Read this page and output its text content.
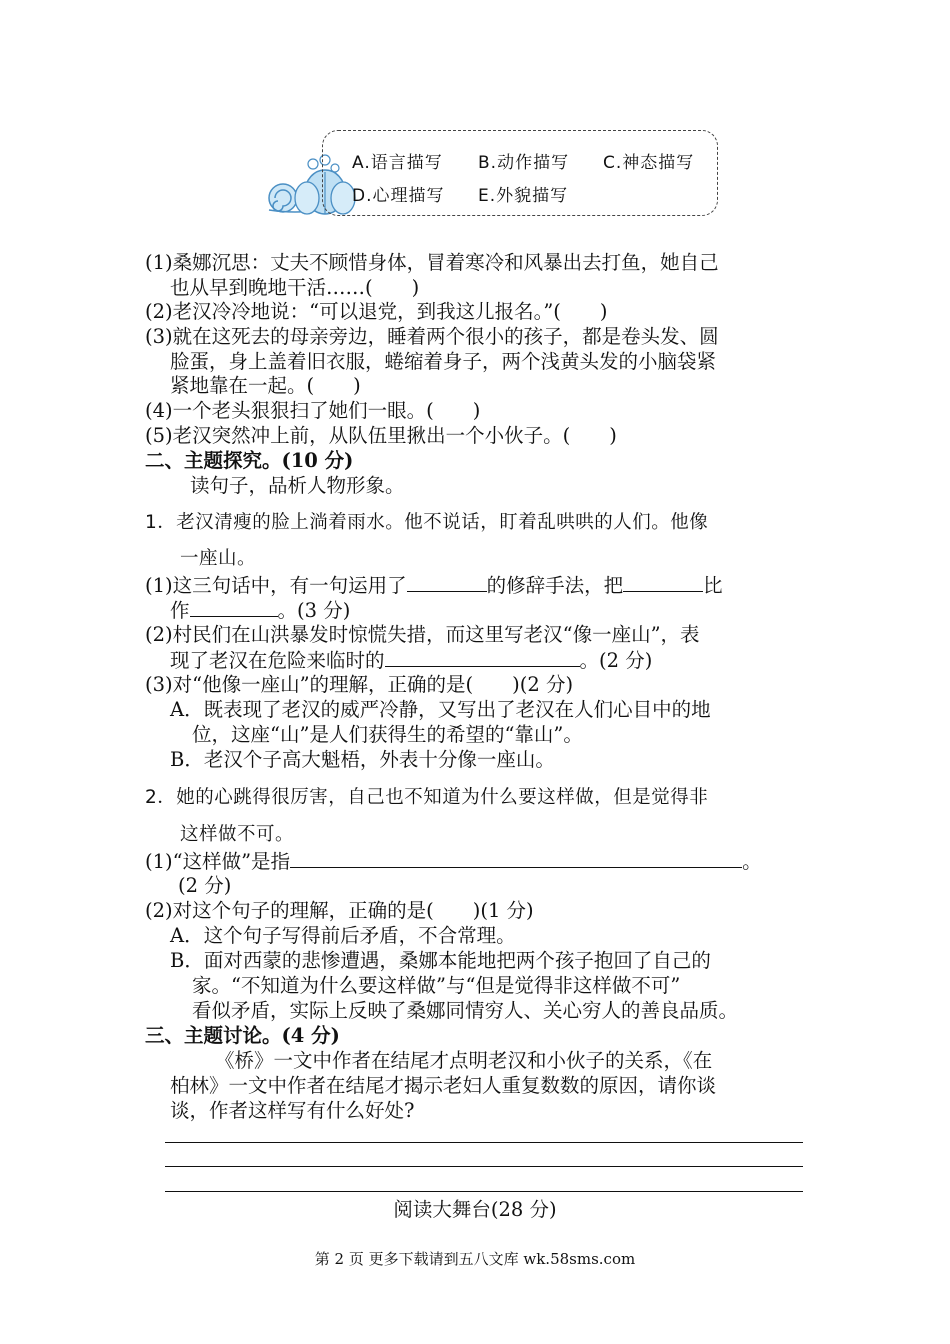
A.语言描写 B.动作描写 C.神态描写
D.心理描写 E.外貌描写
(1)桑娜沉思：丈夫不顾惜身体，冒着寒冷和风暴出去打鱼，她自己
也从早到晚地干活……(　　)
(2)老汉冷冷地说：“可以退党，到我这儿报名。”(　　)
(3)就在这死去的母亲旁边，睡着两个很小的孩子，都是卷头发、圆
脸蛋，身上盖着旧衣服，蜷缩着身子，两个浅黄头发的小脑袋紧
紧地靠在一起。(　　)
(4)一个老头狠狠扫了她们一眼。(　　)
(5)老汉突然冲上前，从队伍里揪出一个小伙子。(　　)
二、主题探究。(10 分)
读句子，品析人物形象。
1．老汉清瘦的脸上淌着雨水。他不说话，盯着乱哄哄的人们。他像
一座山。
(1)这三句话中，有一句运用了	的修辞手法，把	比
作	。(3 分)
(2)村民们在山洪暴发时惊慌失措，而这里写老汉“像一座山”，表
现了老汉在危险来临时的	。(2 分)
(3)对“他像一座山”的理解，正确的是(　　)(2 分)
A．既表现了老汉的威严冷静，又写出了老汉在人们心目中的地
位，这座“山”是人们获得生的希望的“靠山”。
B．老汉个子高大魁梧，外表十分像一座山。
2．她的心跳得很厉害，自己也不知道为什么要这样做，但是觉得非
这样做不可。
(1)“这样做”是指	。
(2 分)
(2)对这个句子的理解，正确的是(　　)(1 分)
A．这个句子写得前后矛盾，不合常理。
B．面对西蒙的悲惨遭遇，桑娜本能地把两个孩子抱回了自己的
家。“不知道为什么要这样做”与“但是觉得非这样做不可”
看似矛盾，实际上反映了桑娜同情穷人、关心穷人的善良品质。
三、主题讨论。(4 分)
《桥》一文中作者在结尾才点明老汉和小伙子的关系，《在
柏林》一文中作者在结尾才揭示老妇人重复数数的原因，请你谈
谈，作者这样写有什么好处?
阅读大舞台(28 分)
第 2 页 更多下载请到五八文库 wk.58sms.com
